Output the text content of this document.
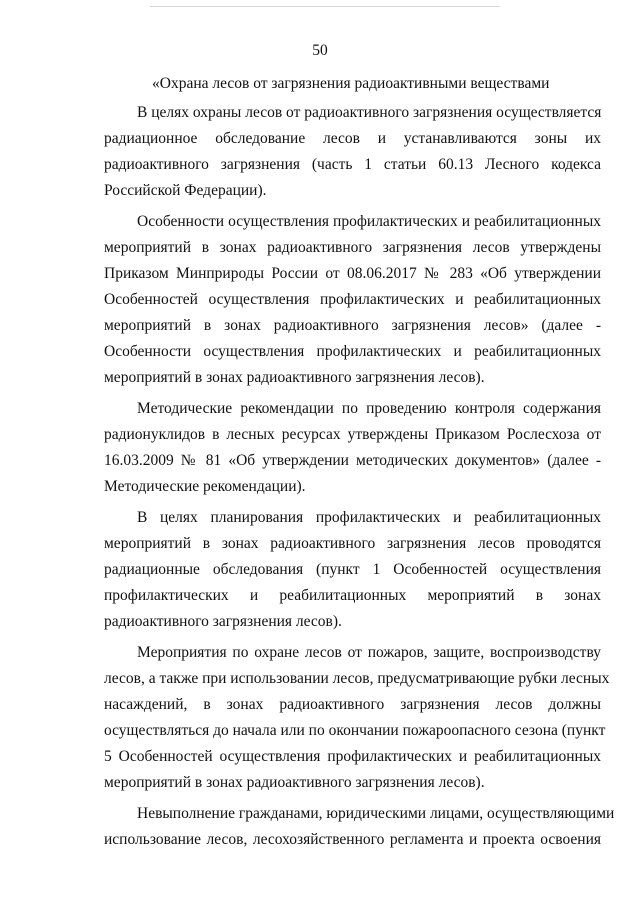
50
«Охрана лесов от загрязнения радиоактивными веществами
В целях охраны лесов от радиоактивного загрязнения осуществляется
радиационное обследование лесов и устанавливаются зоны их
радиоактивного загрязнения (часть 1 статьи 60.13 Лесного кодекса
Российской Федерации).
Особенности осуществления профилактических и реабилитационных
мероприятий в зонах радиоактивного загрязнения лесов утверждены
Приказом Минприроды России от 08.06.2017 № 283 «Об утверждении
Особенностей осуществления профилактических и реабилитационных
мероприятий в зонах радиоактивного загрязнения лесов» (далее -
Особенности осуществления профилактических и реабилитационных
мероприятий в зонах радиоактивного загрязнения лесов).
Методические рекомендации по проведению контроля содержания
радионуклидов в лесных ресурсах утверждены Приказом Рослесхоза от
16.03.2009 № 81 «Об утверждении методических документов» (далее -
Методические рекомендации).
В целях планирования профилактических и реабилитационных
мероприятий в зонах радиоактивного загрязнения лесов проводятся
радиационные обследования (пункт 1 Особенностей осуществления
профилактических и реабилитационных мероприятий в зонах
радиоактивного загрязнения лесов).
Мероприятия по охране лесов от пожаров, защите, воспроизводству
лесов, а также при использовании лесов, предусматривающие рубки лесных
насаждений, в зонах радиоактивного загрязнения лесов должны
осуществляться до начала или по окончании пожароопасного сезона (пункт
5 Особенностей осуществления профилактических и реабилитационных
мероприятий в зонах радиоактивного загрязнения лесов).
Невыполнение гражданами, юридическими лицами, осуществляющими
использование лесов, лесохозяйственного регламента и проекта освоения
